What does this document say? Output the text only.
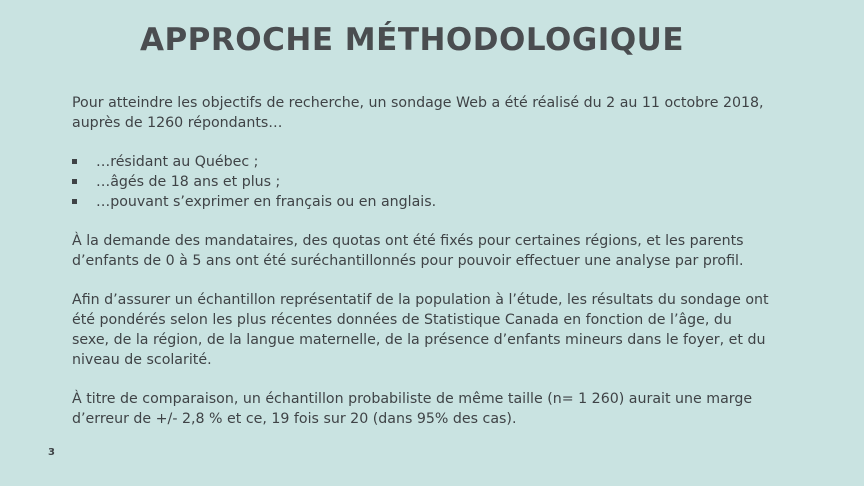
APPROCHE MÉTHODOLOGIQUE

Pour atteindre les objectifs de recherche, un sondage Web a été réalisé du 2 au 11 octobre 2018, auprès de 1260 répondants…

…résidant au Québec ;
…âgés de 18 ans et plus ;
…pouvant s’exprimer en français ou en anglais.

À la demande des mandataires, des quotas ont été fixés pour certaines régions, et les parents d’enfants de 0 à 5 ans ont été suréchantillonnés pour pouvoir effectuer une analyse par profil.

Afin d’assurer un échantillon représentatif de la population à l’étude, les résultats du sondage ont été pondérés selon les plus récentes données de Statistique Canada en fonction de l’âge, du sexe, de la région, de la langue maternelle, de la présence d’enfants mineurs dans le foyer, et du niveau de scolarité.

À titre de comparaison, un échantillon probabiliste de même taille (n= 1 260) aurait une marge d’erreur de +/- 2,8 % et ce, 19 fois sur 20 (dans 95% des cas).

3
